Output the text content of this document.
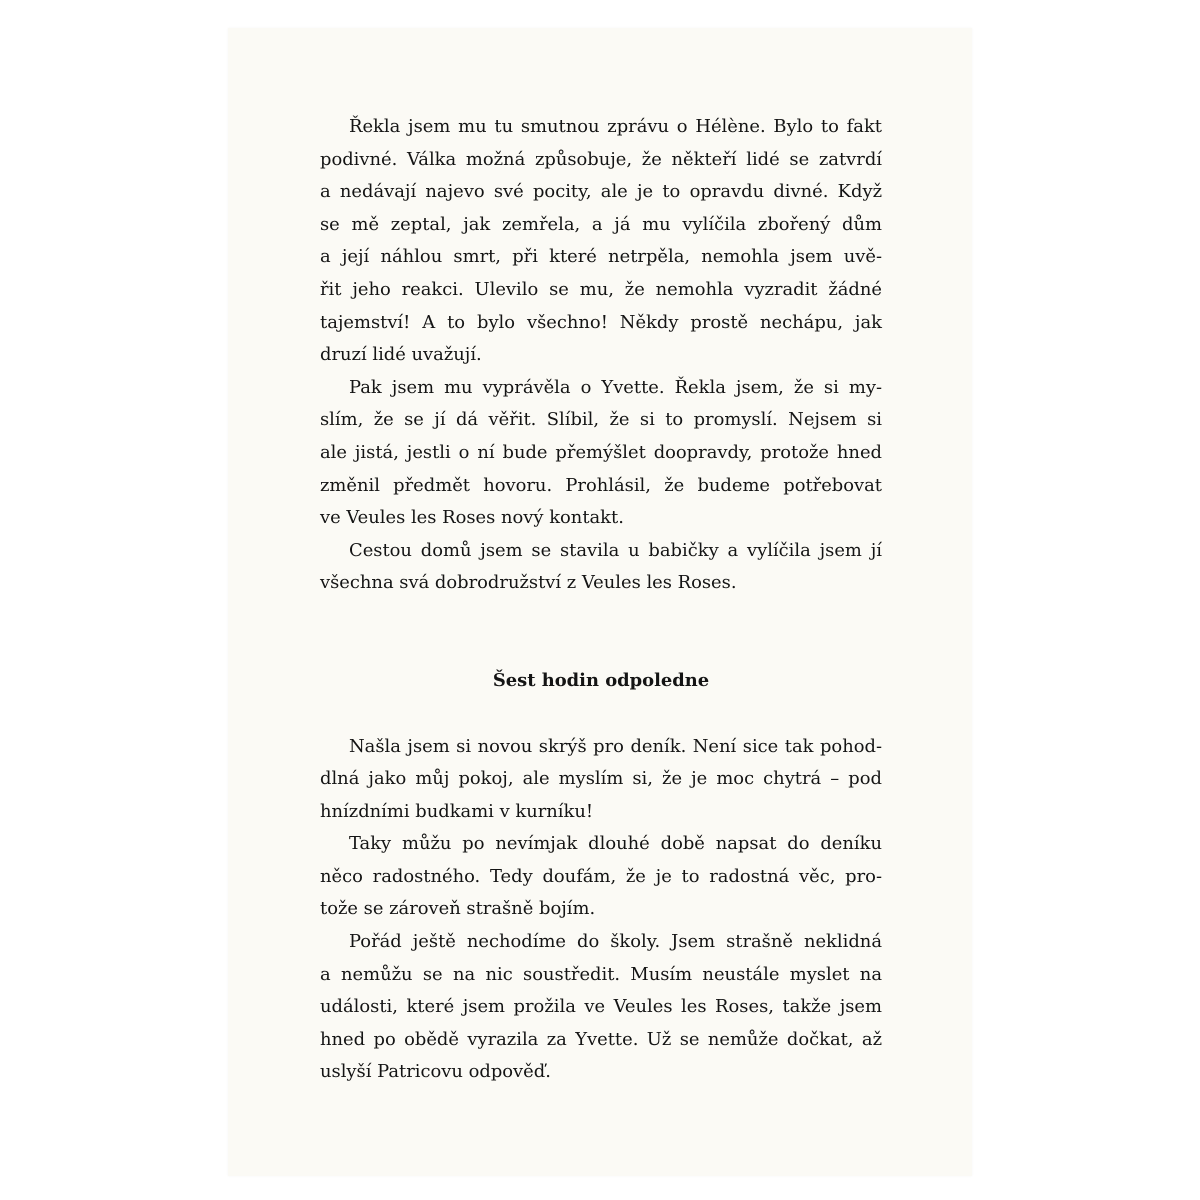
Řekla jsem mu tu smutnou zprávu o Hélène. Bylo to fakt
podivné. Válka možná způsobuje, že někteří lidé se zatvrdí
a nedávají najevo své pocity, ale je to opravdu divné. Když
se mě zeptal, jak zemřela, a já mu vylíčila zbořený dům
a její náhlou smrt, při které netrpěla, nemohla jsem uvě-
řit jeho reakci. Ulevilo se mu, že nemohla vyzradit žádné
tajemství! A to bylo všechno! Někdy prostě nechápu, jak
druzí lidé uvažují.
Pak jsem mu vyprávěla o Yvette. Řekla jsem, že si my-
slím, že se jí dá věřit. Slíbil, že si to promyslí. Nejsem si
ale jistá, jestli o ní bude přemýšlet doopravdy, protože hned
změnil předmět hovoru. Prohlásil, že budeme potřebovat
ve Veules les Roses nový kontakt.
Cestou domů jsem se stavila u babičky a vylíčila jsem jí
všechna svá dobrodružství z Veules les Roses.
Šest hodin odpoledne
Našla jsem si novou skrýš pro deník. Není sice tak pohod-
dlná jako můj pokoj, ale myslím si, že je moc chytrá – pod
hnízdními budkami v kurníku!
Taky můžu po nevímjak dlouhé době napsat do deníku
něco radostného. Tedy doufám, že je to radostná věc, pro-
tože se zároveň strašně bojím.
Pořád ještě nechodíme do školy. Jsem strašně neklidná
a nemůžu se na nic soustředit. Musím neustále myslet na
události, které jsem prožila ve Veules les Roses, takže jsem
hned po obědě vyrazila za Yvette. Už se nemůže dočkat, až
uslyší Patricovu odpověď.
